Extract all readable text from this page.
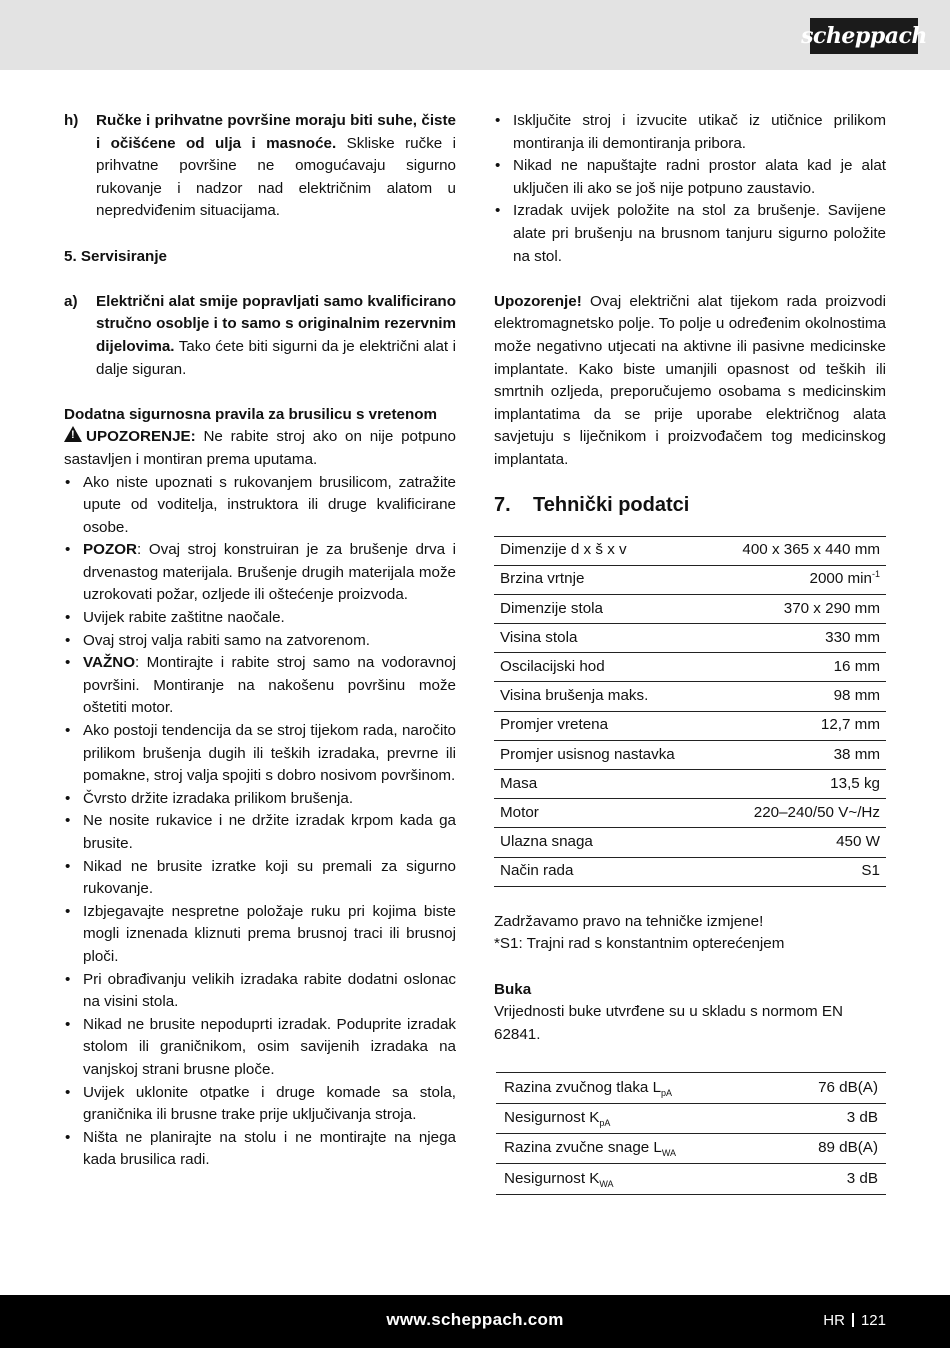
scheppach
h) Ručke i prihvatne površine moraju biti suhe, čiste i očišćene od ulja i masnoće. Skliske ručke i prihvatne površine ne omogućavaju sigurno rukovanje i nadzor nad električnim alatom u nepredviđenim situacijama.

5. Servisiranje

a) Električni alat smije popravljati samo kvalificirano stručno osoblje i to samo s originalnim rezervnim dijelovima. Tako ćete biti sigurni da je električni alat i dalje siguran.

Dodatna sigurnosna pravila za brusilicu s vretenom

!UPOZORENJE: Ne rabite stroj ako on nije potpuno sastavljen i montiran prema uputama.

• Ako niste upoznati s rukovanjem brusilicom, zatražite upute od voditelja, instruktora ili druge kvalificirane osobe.
• POZOR: Ovaj stroj konstruiran je za brušenje drva i drvenastog materijala. Brušenje drugih materijala može uzrokovati požar, ozljede ili oštećenje proizvoda.
• Uvijek rabite zaštitne naočale.
• Ovaj stroj valja rabiti samo na zatvorenom.
• VAŽNO: Montirajte i rabite stroj samo na vodoravnoj površini. Montiranje na nakošenu površinu može oštetiti motor.
• Ako postoji tendencija da se stroj tijekom rada, naročito prilikom brušenja dugih ili teških izradaka, prevrne ili pomakne, stroj valja spojiti s dobro nosivom površinom.
• Čvrsto držite izradaka prilikom brušenja.
• Ne nosite rukavice i ne držite izradak krpom kada ga brusite.
• Nikad ne brusite izratke koji su premali za sigurno rukovanje.
• Izbjegavajte nespretne položaje ruku pri kojima biste mogli iznenada kliznuti prema brusnoj traci ili brusnoj ploči.
• Pri obrađivanju velikih izradaka rabite dodatni oslonac na visini stola.
• Nikad ne brusite nepoduprti izradak. Poduprite izradak stolom ili graničnikom, osim savijenih izradaka na vanjskoj strani brusne ploče.
• Uvijek uklonite otpatke i druge komade sa stola, graničnika ili brusne trake prije uključivanja stroja.
• Ništa ne planirajte na stolu i ne montirajte na njega kada brusilica radi.
• Isključite stroj i izvucite utikač iz utičnice prilikom montiranja ili demontiranja pribora.
• Nikad ne napuštajte radni prostor alata kad je alat uključen ili ako se još nije potpuno zaustavio.
• Izradak uvijek položite na stol za brušenje. Savijene alate pri brušenju na brusnom tanjuru sigurno položite na stol.

Upozorenje! Ovaj električni alat tijekom rada proizvodi elektromagnetsko polje. To polje u određenim okolnostima može negativno utjecati na aktivne ili pasivne medicinske implantate. Kako biste umanjili opasnost od teških ili smrtnih ozljeda, preporučujemo osobama s medicinskim implantatima da se prije uporabe električnog alata savjetuju s liječnikom i proizvođačem tog medicinskog implantata.

7. Tehnički podatci
Dimenzije d x š x v	400 x 365 x 440 mm
Brzina vrtnje	2000 $\min^{-1}$
Dimenzije stola	370 x 290 mm
Visina stola	330 mm
Oscilacijski hod	16 mm
Visina brušenja maks.	98 mm
Promjer vretena	12,7 mm
Promjer usisnog nastavka	38 mm
Masa	13,5 kg
Motor	220–240/50 V~/Hz
Ulazna snaga	450 W
Način rada	S1

Zadržavamo pravo na tehničke izmjene!

*S1: Trajni rad s konstantnim opterećenjem

Buka

Vrijednosti buke utvrđene su u skladu s normom EN 62841.

Razina zvučnog tlaka $L_{pA}$	76 dB(A)
Nesigurnost $K_{pA}$	3 dB
Razina zvučne snage $L_{WA}$	89 dB(A)
Nesigurnost $K_{WA}$	3 dB
www.scheppach.com	HR 121
